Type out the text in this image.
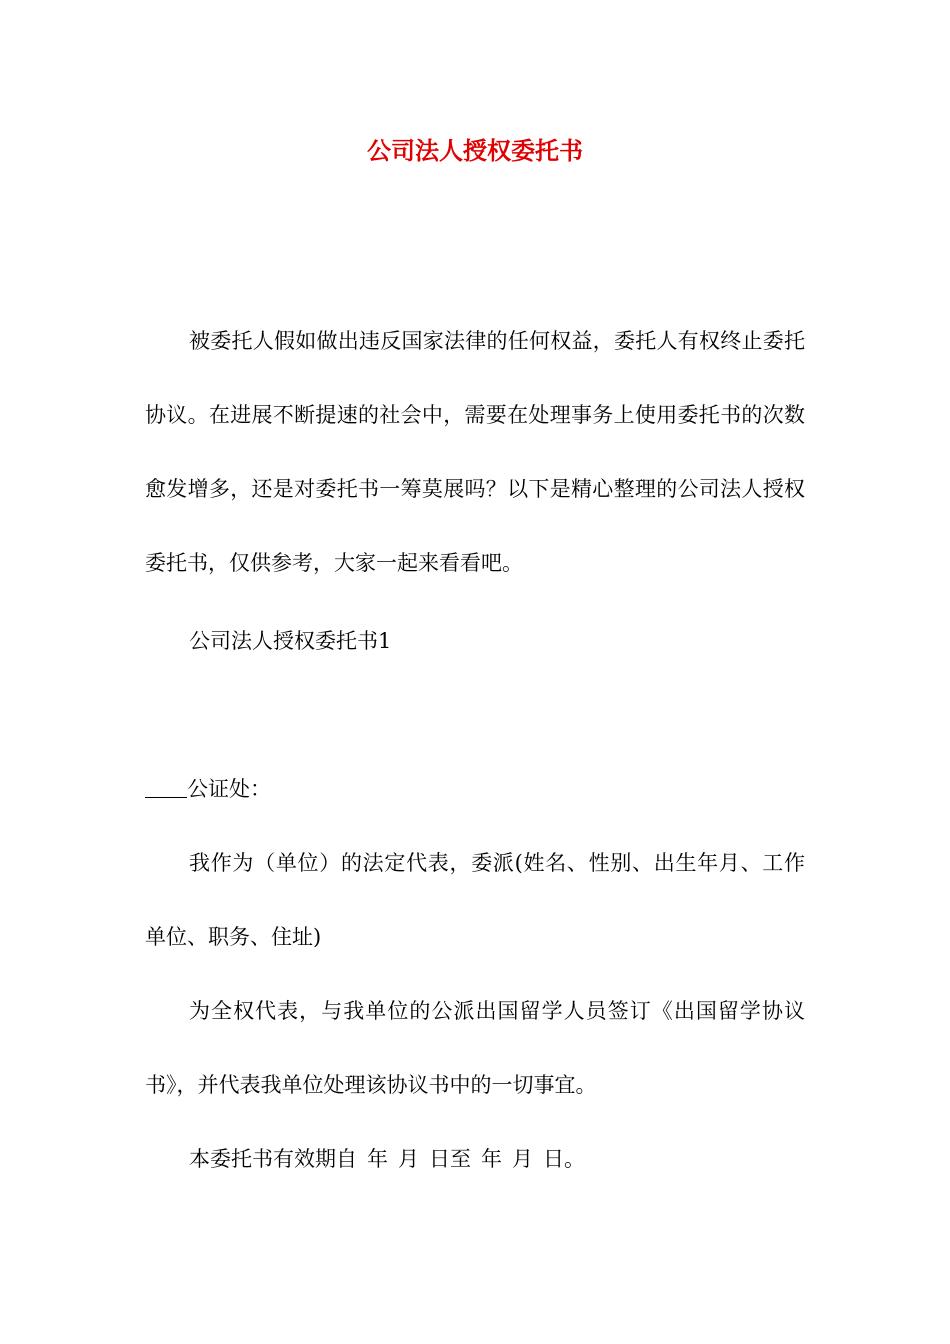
公司法人授权委托书

被委托人假如做出违反国家法律的任何权益，委托人有权终止委托协议。在进展不断提速的社会中，需要在处理事务上使用委托书的次数愈发增多，还是对委托书一筹莫展吗？以下是精心整理的公司法人授权委托书，仅供参考，大家一起来看看吧。

公司法人授权委托书1

公证处：

我作为（单位）的法定代表，委派(姓名、性别、出生年月、工作单位、职务、住址)

为全权代表，与我单位的公派出国留学人员签订《出国留学协议书》，并代表我单位处理该协议书中的一切事宜。

本委托书有效期自 年 月 日至 年 月 日。
